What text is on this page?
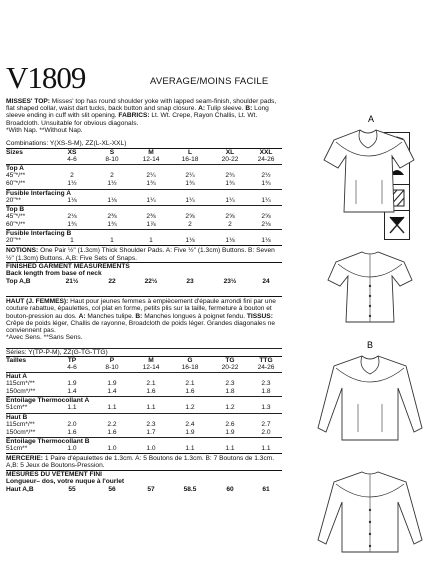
V1809	AVERAGE/MOINS FACILE
MISSES' TOP: Misses' top has round shoulder yoke with lapped seam-finish, shoulder pads, flat shaped collar, waist dart tucks, back button and snap closure. A: Tulip sleeve. B: Long sleeve ending in cuff with slit opening. FABRICS: Lt. Wt. Crepe, Rayon Challis, Lt. Wt. Broadcloth. Unsuitable for obvious diagonals.
*With Nap. **Without Nap.
Combinations: Y(XS-S-M), ZZ(L-XL-XXL)
Sizes	XS	S	M	L	XL	XXL
4-6	8-10	12-14	16-18	20-22	24-26
Top A
45"*/**	2	2	2¼	2¼	2¾	2½
60"*/**	1½	1½	1¾	1¾	1¾	1¾
Fusible Interfacing A
20"**	1⅛	1⅛	1¼	1¼	1¼	1¼
Top B
45"*/**	2⅛	2⅜	2⅜	2⅝	2⅝	2⅝
60"*/**	1¾	1¾	1⅞	2	2	2⅛
Fusible Interfacing B
20"**	1	1	1	1⅛	1⅛	1⅛
NOTIONS: One Pair ½" (1.3cm) Thick Shoulder Pads. A: Five ½" (1.3cm) Buttons. B: Seven ½" (1.3cm) Buttons. A,B: Five Sets of Snaps.
FINISHED GARMENT MEASUREMENTS
Back length from base of neck
Top A,B	21½	22	22½	23	23½	24
HAUT (J. FEMMES): Haut pour jeunes femmes à empiècement d'épaule arrondi fini par une couture rabattue, épaulettes, col plat en forme, petits plis sur la taille, fermeture à bouton et bouton-pression au dos. A: Manches tulipe. B: Manches longues à poignet fendu. TISSUS: Crêpe de poids léger, Challis de rayonne, Broadcloth de poids léger. Grandes diagonales ne conviennent pas.
*Avec Sens. **Sans Sens.
Séries: Y(TP-P-M), ZZ(G-TG-TTG)
Tailles	TP	P	M	G	TG	TTG
4-6	8-10	12-14	16-18	20-22	24-26
Haut A
115cm*/**	1.9	1.9	2.1	2.1	2.3	2.3
150cm*/**	1.4	1.4	1.6	1.6	1.8	1.8
Entoilage Thermocollant A
51cm**	1.1	1.1	1.1	1.2	1.2	1.3
Haut B
115cm*/**	2.0	2.2	2.3	2.4	2.6	2.7
150cm*/**	1.6	1.6	1.7	1.9	1.9	2.0
Entoilage Thermocollant B
51cm**	1.0	1.0	1.0	1.1	1.1	1.1
MERCERIE: 1 Paire d'épaulettes de 1.3cm. A: 5 Boutons de 1.3cm. B: 7 Boutons de 1.3cm. A,B: 5 Jeux de Boutons-Pression.
MESURES DU VÊTEMENT FINI
Longueur– dos, votre nuque à l'ourlet
Haut A,B	55	56	57	58.5	60	61
A
B
